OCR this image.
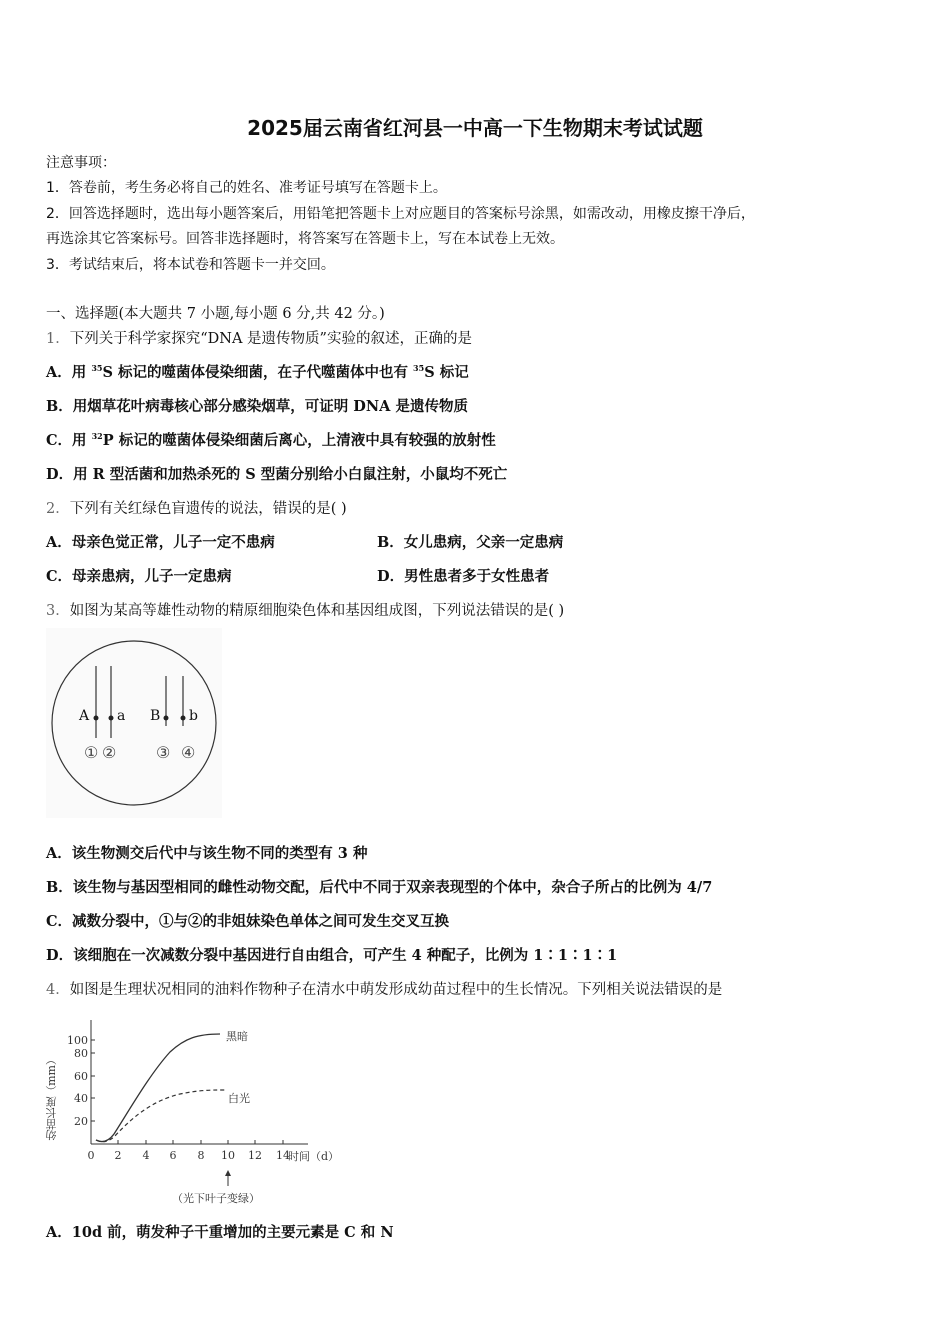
2025届云南省红河县一中高一下生物期末考试试题
注意事项：
1．答卷前，考生务必将自己的姓名、准考证号填写在答题卡上。
2．回答选择题时，选出每小题答案后，用铅笔把答题卡上对应题目的答案标号涂黑，如需改动，用橡皮擦干净后，
再选涂其它答案标号。回答非选择题时，将答案写在答题卡上，写在本试卷上无效。
3．考试结束后，将本试卷和答题卡一并交回。
一、选择题(本大题共 7 小题,每小题 6 分,共 42 分。)
1．下列关于科学家探究“DNA 是遗传物质”实验的叙述，正确的是
A．用 $^{35}$S 标记的噬菌体侵染细菌，在子代噬菌体中也有 $^{35}$S 标记
B．用烟草花叶病毒核心部分感染烟草，可证明 DNA 是遗传物质
C．用 $^{32}$P 标记的噬菌体侵染细菌后离心，上清液中具有较强的放射性
D．用 R 型活菌和加热杀死的 S 型菌分别给小白鼠注射，小鼠均不死亡
2．下列有关红绿色盲遗传的说法，错误的是( )
A．母亲色觉正常，儿子一定不患病	B．女儿患病，父亲一定患病
C．母亲患病，儿子一定患病	D．男性患者多于女性患者
3．如图为某高等雄性动物的精原细胞染色体和基因组成图，下列说法错误的是( )
A a B b
① ② ③ ④
A．该生物测交后代中与该生物不同的类型有 3 种
B．该生物与基因型相同的雌性动物交配，后代中不同于双亲表现型的个体中，杂合子所占的比例为 4/7
C．减数分裂中，①与②的非姐妹染色单体之间可发生交叉互换
D．该细胞在一次减数分裂中基因进行自由组合，可产生 4 种配子，比例为 1∶1∶1∶1
4．如图是生理状况相同的油料作物种子在清水中萌发形成幼苗过程中的生长情况。下列相关说法错误的是
20
40
60
80
100
0 2 4 6 8 10 12 14
幼苗长度（mm）
时间（d）
黑暗
白光
（光下叶子变绿）
A．10d 前，萌发种子干重增加的主要元素是 C 和 N
